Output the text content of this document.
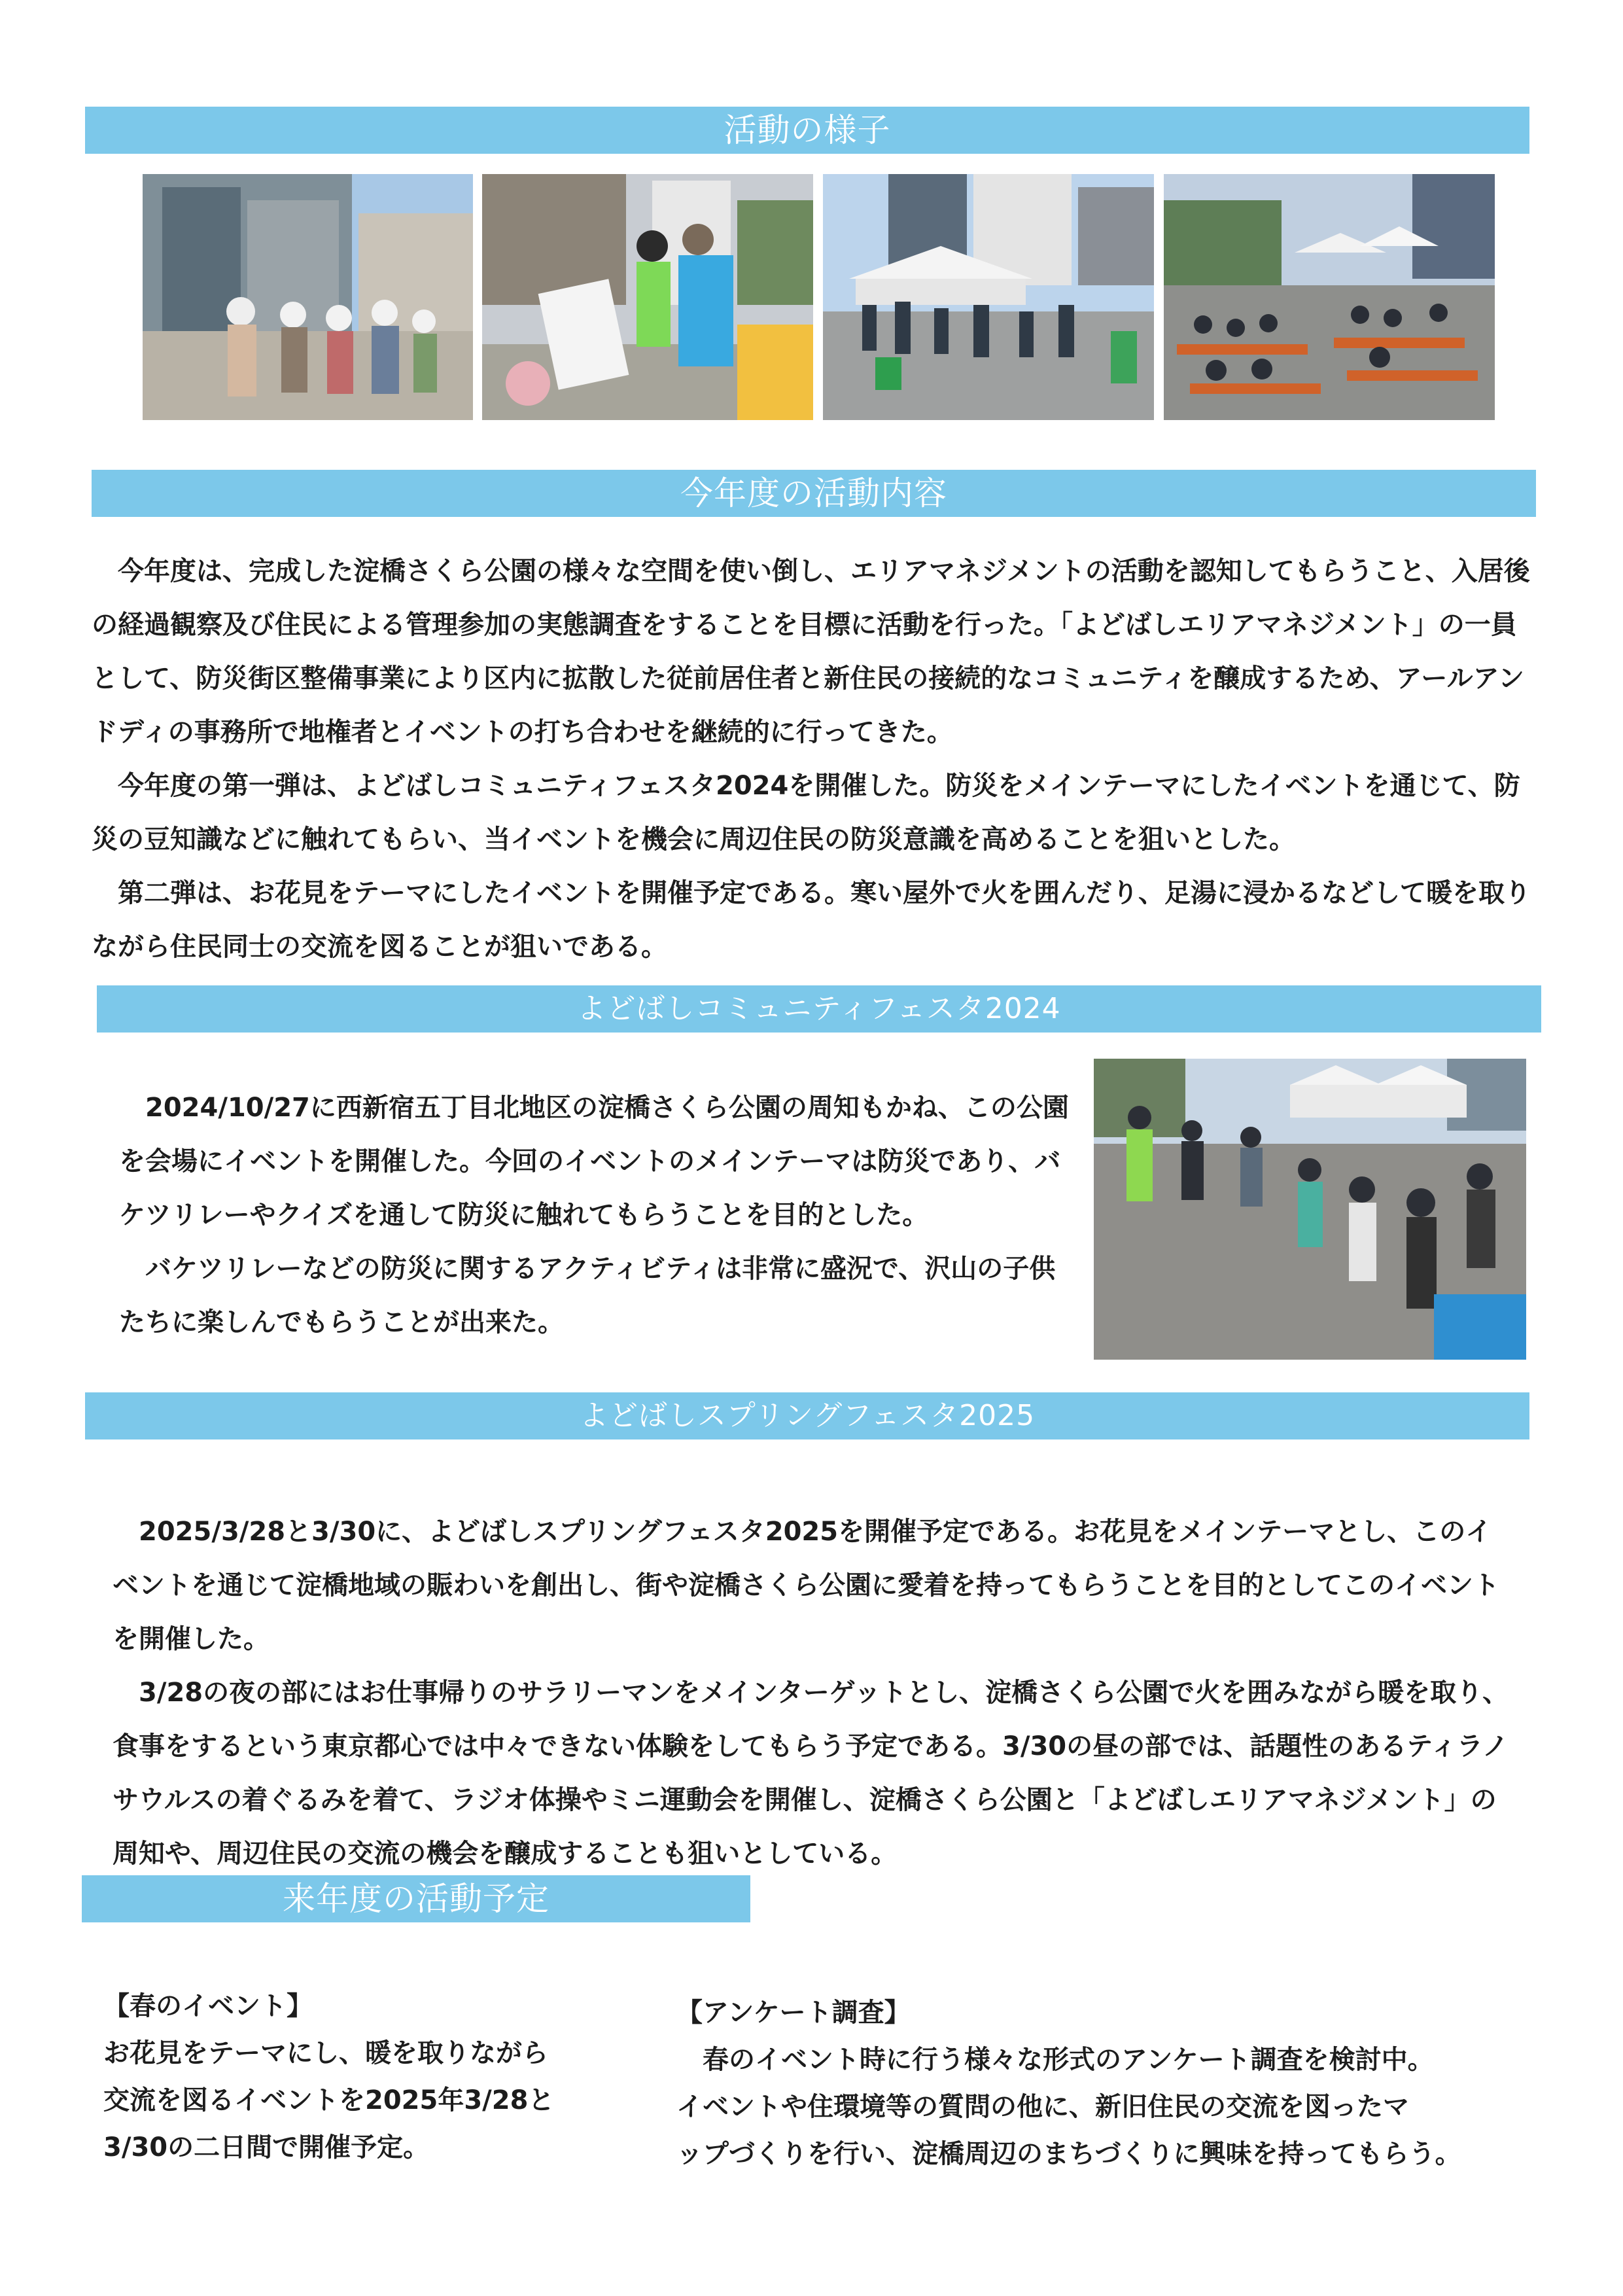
活動の様子
今年度の活動内容

今年度は、完成した淀橋さくら公園の様々な空間を使い倒し、エリアマネジメントの活動を認知してもらうこと、入居後の経過観察及び住民による管理参加の実態調査をすることを目標に活動を行った。「よどばしエリアマネジメント」の一員として、防災街区整備事業により区内に拡散した従前居住者と新住民の接続的なコミュニティを醸成するため、アールアンドディの事務所で地権者とイベントの打ち合わせを継続的に行ってきた。

今年度の第一弾は、よどばしコミュニティフェスタ2024を開催した。防災をメインテーマにしたイベントを通じて、防災の豆知識などに触れてもらい、当イベントを機会に周辺住民の防災意識を高めることを狙いとした。

第二弾は、お花見をテーマにしたイベントを開催予定である。寒い屋外で火を囲んだり、足湯に浸かるなどして暖を取りながら住民同士の交流を図ることが狙いである。

よどばしコミュニティフェスタ2024

2024/10/27に西新宿五丁目北地区の淀橋さくら公園の周知もかね、この公園を会場にイベントを開催した。今回のイベントのメインテーマは防災であり、バケツリレーやクイズを通して防災に触れてもらうことを目的とした。

バケツリレーなどの防災に関するアクティビティは非常に盛況で、沢山の子供たちに楽しんでもらうことが出来た。

よどばしスプリングフェスタ2025

2025/3/28と3/30に、よどばしスプリングフェスタ2025を開催予定である。お花見をメインテーマとし、このイベントを通じて淀橋地域の賑わいを創出し、街や淀橋さくら公園に愛着を持ってもらうことを目的としてこのイベントを開催した。

3/28の夜の部にはお仕事帰りのサラリーマンをメインターゲットとし、淀橋さくら公園で火を囲みながら暖を取り、食事をするという東京都心では中々できない体験をしてもらう予定である。3/30の昼の部では、話題性のあるティラノサウルスの着ぐるみを着て、ラジオ体操やミニ運動会を開催し、淀橋さくら公園と「よどばしエリアマネジメント」の周知や、周辺住民の交流の機会を醸成することも狙いとしている。

来年度の活動予定

【春のイベント】

お花見をテーマにし、暖を取りながら

交流を図るイベントを2025年3/28と

3/30の二日間で開催予定。

【アンケート調査】

春のイベント時に行う様々な形式のアンケート調査を検討中。

イベントや住環境等の質問の他に、新旧住民の交流を図ったマ

ップづくりを行い、淀橋周辺のまちづくりに興味を持ってもらう。
